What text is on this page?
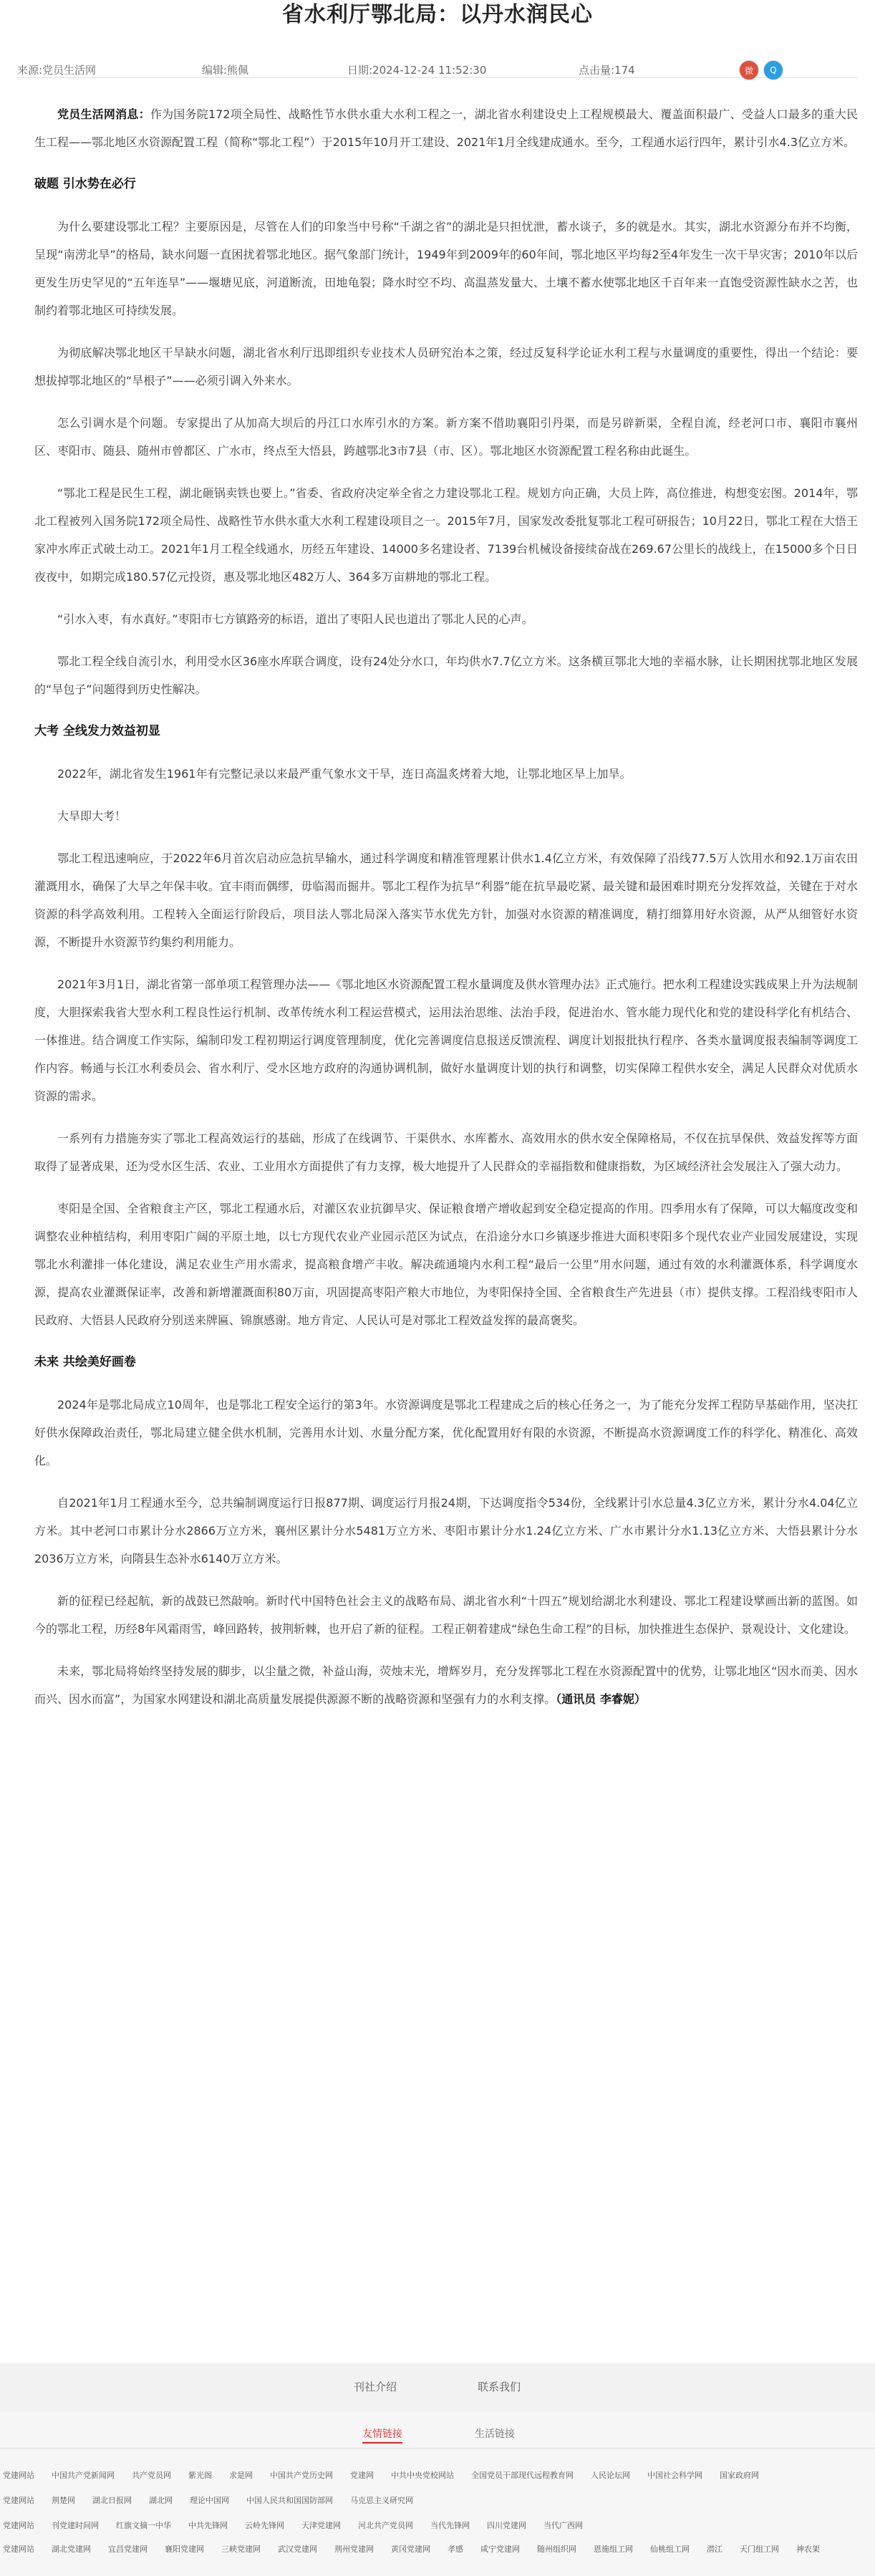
省水利厅鄂北局：以丹水润民心
来源:党员生活网	编辑:熊佩	日期:2024-12-24 11:52:30	点击量:174	微	Q

党员生活网消息：作为国务院172项全局性、战略性节水供水重大水利工程之一，湖北省水利建设史上工程规模最大、覆盖面积最广、受益人口最多的重大民生工程——鄂北地区水资源配置工程（简称“鄂北工程”）于2015年10月开工建设、2021年1月全线建成通水。至今，工程通水运行四年，累计引水4.3亿立方米。

破题 引水势在必行

为什么要建设鄂北工程？主要原因是，尽管在人们的印象当中号称“千湖之省”的湖北是只担忧泄，蓄水谈子，多的就是水。其实，湖北水资源分布并不均衡，呈现“南涝北旱”的格局，缺水问题一直困扰着鄂北地区。据气象部门统计，1949年到2009年的60年间，鄂北地区平均每2至4年发生一次干旱灾害；2010年以后更发生历史罕见的“五年连旱”——堰塘见底，河道断流，田地龟裂；降水时空不均、高温蒸发量大、土壤不蓄水使鄂北地区千百年来一直饱受资源性缺水之苦，也制约着鄂北地区可持续发展。

为彻底解决鄂北地区干旱缺水问题，湖北省水利厅迅即组织专业技术人员研究治本之策，经过反复科学论证水利工程与水量调度的重要性，得出一个结论：要想拔掉鄂北地区的“旱根子”——必须引调入外来水。

怎么引调水是个问题。专家提出了从加高大坝后的丹江口水库引水的方案。新方案不借助襄阳引丹渠，而是另辟新渠，全程自流，经老河口市、襄阳市襄州区、枣阳市、随县、随州市曾都区、广水市，终点至大悟县，跨越鄂北3市7县（市、区）。鄂北地区水资源配置工程名称由此诞生。

“鄂北工程是民生工程，湖北砸锅卖铁也要上。”省委、省政府决定举全省之力建设鄂北工程。规划方向正确，大员上阵，高位推进，构想变宏图。2014年，鄂北工程被列入国务院172项全局性、战略性节水供水重大水利工程建设项目之一。2015年7月，国家发改委批复鄂北工程可研报告；10月22日，鄂北工程在大悟王家冲水库正式破土动工。2021年1月工程全线通水，历经五年建设、14000多名建设者、7139台机械设备接续奋战在269.67公里长的战线上，在15000多个日日夜夜中，如期完成180.57亿元投资，惠及鄂北地区482万人、364多万亩耕地的鄂北工程。

“引水入枣，有水真好。”枣阳市七方镇路旁的标语，道出了枣阳人民也道出了鄂北人民的心声。

鄂北工程全线自流引水，利用受水区36座水库联合调度，设有24处分水口，年均供水7.7亿立方米。这条横亘鄂北大地的幸福水脉，让长期困扰鄂北地区发展的“旱包子”问题得到历史性解决。

大考 全线发力效益初显

2022年，湖北省发生1961年有完整记录以来最严重气象水文干旱，连日高温炙烤着大地，让鄂北地区旱上加旱。

大旱即大考！

鄂北工程迅速响应，于2022年6月首次启动应急抗旱输水，通过科学调度和精准管理累计供水1.4亿立方米，有效保障了沿线77.5万人饮用水和92.1万亩农田灌溉用水，确保了大旱之年保丰收。宜丰雨而偶缪，毋临渴而掘井。鄂北工程作为抗旱“利器”能在抗旱最吃紧、最关键和最困难时期充分发挥效益，关键在于对水资源的科学高效利用。工程转入全面运行阶段后，项目法人鄂北局深入落实节水优先方针，加强对水资源的精准调度，精打细算用好水资源，从严从细管好水资源，不断提升水资源节约集约利用能力。

2021年3月1日，湖北省第一部单项工程管理办法——《鄂北地区水资源配置工程水量调度及供水管理办法》正式施行。把水利工程建设实践成果上升为法规制度，大胆探索我省大型水利工程良性运行机制、改革传统水利工程运营模式，运用法治思维、法治手段，促进治水、管水能力现代化和党的建设科学化有机结合、一体推进。结合调度工作实际，编制印发工程初期运行调度管理制度，优化完善调度信息报送反馈流程、调度计划报批执行程序、各类水量调度报表编制等调度工作内容。畅通与长江水利委员会、省水利厅、受水区地方政府的沟通协调机制，做好水量调度计划的执行和调整，切实保障工程供水安全，满足人民群众对优质水资源的需求。

一系列有力措施夯实了鄂北工程高效运行的基础，形成了在线调节、干渠供水、水库蓄水、高效用水的供水安全保障格局，不仅在抗旱保供、效益发挥等方面取得了显著成果，还为受水区生活、农业、工业用水方面提供了有力支撑，极大地提升了人民群众的幸福指数和健康指数，为区域经济社会发展注入了强大动力。

枣阳是全国、全省粮食主产区，鄂北工程通水后，对灌区农业抗御旱灾、保证粮食增产增收起到安全稳定提高的作用。四季用水有了保障，可以大幅度改变和调整农业种植结构，利用枣阳广阔的平原土地，以七方现代农业产业园示范区为试点，在沿途分水口乡镇逐步推进大面积枣阳多个现代农业产业园发展建设，实现鄂北水利灌排一体化建设，满足农业生产用水需求，提高粮食增产丰收。解决疏通境内水利工程“最后一公里”用水问题，通过有效的水利灌溉体系，科学调度水源，提高农业灌溉保证率，改善和新增灌溉面积80万亩，巩固提高枣阳产粮大市地位，为枣阳保持全国、全省粮食生产先进县（市）提供支撑。工程沿线枣阳市人民政府、大悟县人民政府分别送来牌匾、锦旗感谢。地方肯定、人民认可是对鄂北工程效益发挥的最高褒奖。

未来 共绘美好画卷

2024年是鄂北局成立10周年，也是鄂北工程安全运行的第3年。水资源调度是鄂北工程建成之后的核心任务之一，为了能充分发挥工程防旱基础作用，坚决扛好供水保障政治责任，鄂北局建立健全供水机制，完善用水计划、水量分配方案，优化配置用好有限的水资源，不断提高水资源调度工作的科学化、精准化、高效化。

自2021年1月工程通水至今，总共编制调度运行日报877期、调度运行月报24期，下达调度指令534份，全线累计引水总量4.3亿立方米，累计分水4.04亿立方米。其中老河口市累计分水2866万立方米，襄州区累计分水5481万立方米、枣阳市累计分水1.24亿立方米、广水市累计分水1.13亿立方米、大悟县累计分水2036万立方米，向隋县生态补水6140万立方米。

新的征程已经起航，新的战鼓已然敲响。新时代中国特色社会主义的战略布局、湖北省水利“十四五”规划给湖北水利建设、鄂北工程建设擘画出新的蓝图。如今的鄂北工程，历经8年风霜雨雪，峰回路转，披荆斩棘，也开启了新的征程。工程正朝着建成“绿色生命工程”的目标，加快推进生态保护、景观设计、文化建设。

未来，鄂北局将始终坚持发展的脚步，以尘量之微，补益山海，荧烛末光，增辉岁月，充分发挥鄂北工程在水资源配置中的优势，让鄂北地区“因水而美、因水而兴、因水而富”，为国家水网建设和湖北高质量发展提供源源不断的战略资源和坚强有力的水利支撑。（通讯员 李睿妮）

刊社介绍	联系我们
友情链接	生活链接
党建网站 中国共产党新闻网 共产党员网 紫光阁 求是网 中国共产党历史网 党建网 中共中央党校网站 全国党员干部现代远程教育网 人民论坛网 中国社会科学网 国家政府网
党建网站 荆楚网 湖北日报网 湖北网 理论中国网 中国人民共和国国防部网 马克思主义研究网
党建网站 刊党建时间网 红旗文摘一中华 中共先锋网 云岭先锋网 天津党建网 河北共产党员网 当代先锋网 四川党建网 当代广西网
党建网站 湖北党建网 宜昌党建网 襄阳党建网 三峡党建网 武汉党建网 荆州党建网 黄冈党建网 孝感 咸宁党建网 随州组织网 恩施组工网 仙桃组工网 潜江 天门组工网 神农架
